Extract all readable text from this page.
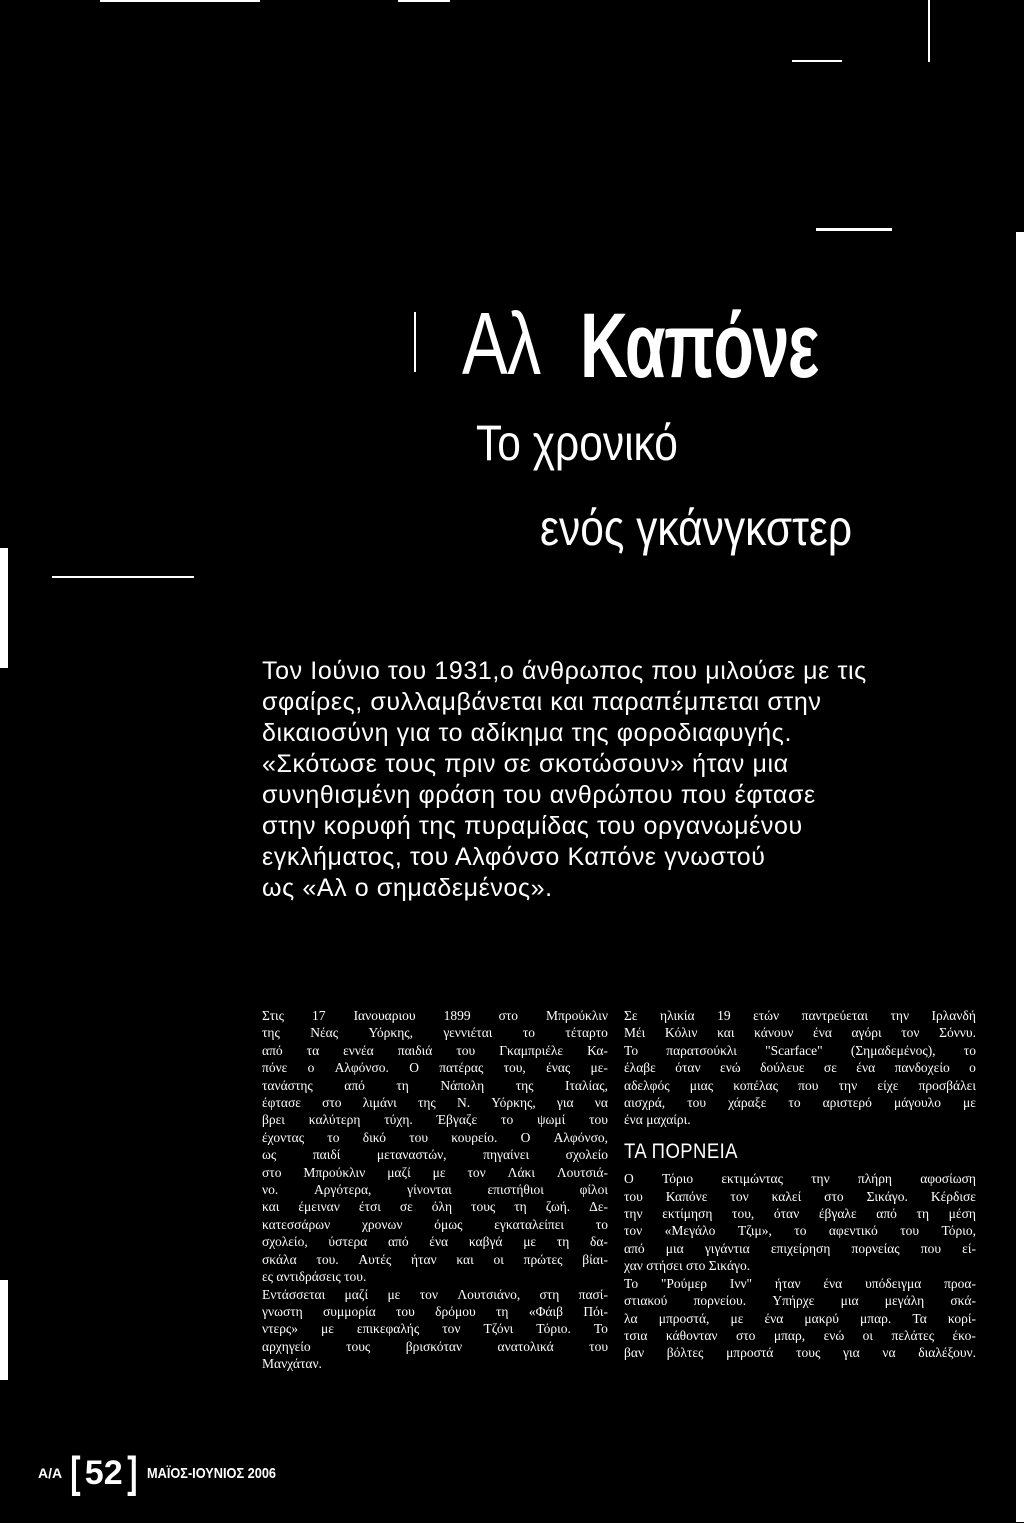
Αλ Καπόνε
Το χρονικό
ενός γκάνγκστερ
Τον Ιούνιο του 1931,ο άνθρωπος που μιλούσε με τις
σφαίρες, συλλαμβάνεται και παραπέμπεται στην
δικαιοσύνη για το αδίκημα της φοροδιαφυγής.
«Σκότωσε τους πριν σε σκοτώσουν» ήταν μια
συνηθισμένη φράση του ανθρώπου που έφτασε
στην κορυφή της πυραμίδας του οργανωμένου
εγκλήματος, του Αλφόνσο Καπόνε γνωστού
ως «Αλ ο σημαδεμένος».
Στις 17 Ιανουαριου 1899 στο Μπρούκλιν
της Νέας Υόρκης, γεννιέται το τέταρτο
από τα εννέα παιδιά του Γκαμπριέλε Κα-
πόνε ο Αλφόνσο. Ο πατέρας του, ένας με-
τανάστης από τη Νάπολη της Ιταλίας,
έφτασε στο λιμάνι της Ν. Υόρκης, για να
βρει καλύτερη τύχη. Έβγαζε το ψωμί του
έχοντας το δικό του κουρείο. Ο Αλφόνσο,
ως	παιδί	μεταναστών,	πηγαίνει	σχολείο
στο Μπρούκλιν μαζί με τον Λάκι Λουτσιά-
νο.	Αργότερα,	γίνονται	επιστήθιοι	φίλοι
και έμειναν έτσι σε όλη τους τη ζωή. Δε-
κατεσσάρων χρονων όμως εγκαταλείπει το
σχολείο, ύστερα από ένα καβγά με τη δα-
σκάλα του. Αυτές ήταν και οι πρώτες βίαι-
ες αντιδράσεις του.
Εντάσσεται μαζί με τον Λουτσιάνο, στη πασί-
γνωστη συμμορία του δρόμου τη «Φάιβ Πόι-
ντερς» με επικεφαλής τον Τζόνι Τόριο. Το
αρχηγείο	τους	βρισκόταν	ανατολικά	του
Μανχάταν.
Σε ηλικία 19 ετών παντρεύεται την Ιρλανδή
Μέι Κόλιν και κάνουν ένα αγόρι τον Σόννυ.
Το παρατσούκλι "Scarface" (Σημαδεμένος), το
έλαβε όταν ενώ δούλευε σε ένα πανδοχείο ο
αδελφός μιας κοπέλας που την είχε προσβάλει
αισχρά, του χάραξε το αριστερό μάγουλο με
ένα μαχαίρι.
ΤΑ ΠΟΡΝΕΙΑ
Ο Τόριο εκτιμώντας την πλήρη αφοσίωση
του Καπόνε τον καλεί στο Σικάγο. Κέρδισε
την εκτίμηση του, όταν έβγαλε από τη μέση
τον «Μεγάλο Τζιμ», το αφεντικό του Τόριο,
από μια γιγάντια επιχείρηση πορνείας που εί-
χαν στήσει στο Σικάγο.
Το "Ρούμερ Ινν" ήταν ένα υπόδειγμα προα-
στιακού πορνείου. Υπήρχε μια μεγάλη σκά-
λα μπροστά, με ένα μακρύ μπαρ. Τα κορί-
τσια κάθονταν στο μπαρ, ενώ οι πελάτες έκο-
βαν βόλτες μπροστά τους για να διαλέξουν.
Α/Α [ 52 ] ΜΑΪΟΣ-ΙΟΥΝΙΟΣ 2006
